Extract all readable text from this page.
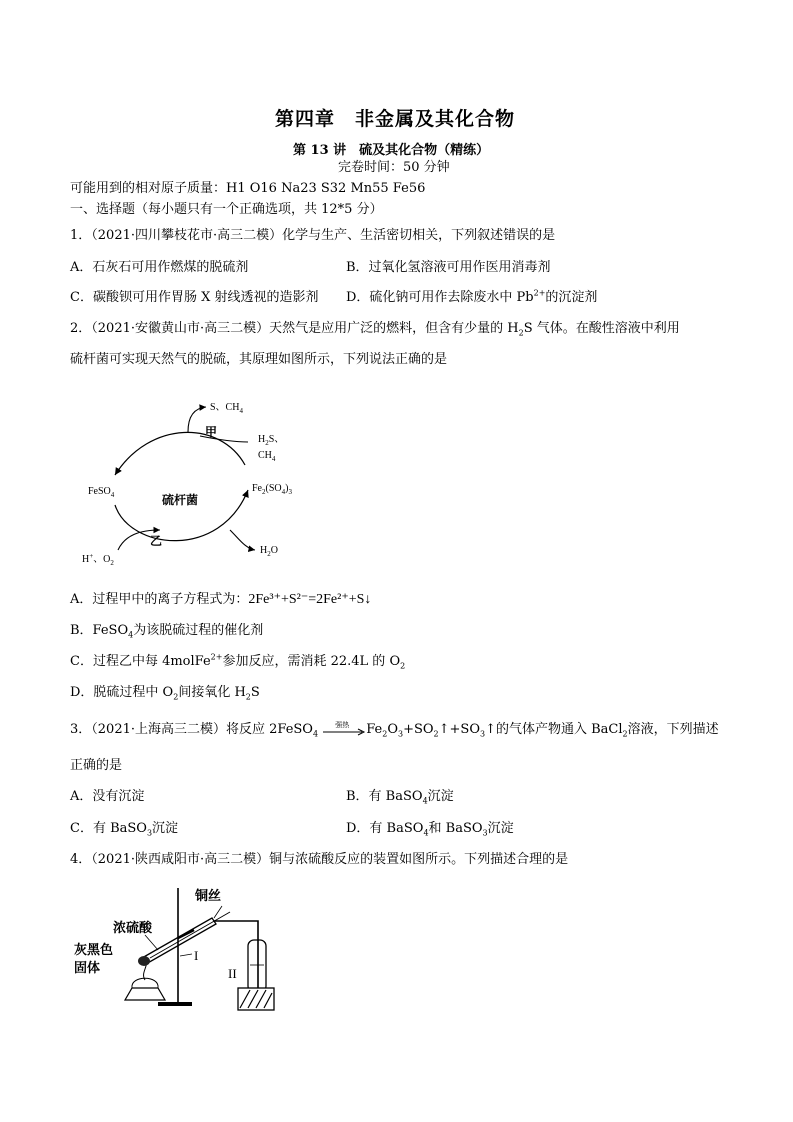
第四章　非金属及其化合物
第 13 讲　硫及其化合物（精练）
完卷时间：50 分钟
可能用到的相对原子质量：H1 O16 Na23 S32 Mn55 Fe56
一、选择题（每小题只有一个正确选项，共 12*5 分）
1．（2021·四川攀枝花市·高三二模）化学与生产、生活密切相关，下列叙述错误的是
A．石灰石可用作燃煤的脱硫剂	B．过氧化氢溶液可用作医用消毒剂
C．碳酸钡可用作胃肠 X 射线透视的造影剂 D．硫化钠可用作去除废水中 $Pb^{2+}$的沉淀剂
2．（2021·安徽黄山市·高三二模）天然气是应用广泛的燃料，但含有少量的 $H_2S$ 气体。在酸性溶液中利用
硫杆菌可实现天然气的脱硫，其原理如图所示，下列说法正确的是
S、$CH_4$
甲
$H_2S$、
$CH_4$
FeSO$_4$
$Fe_2(SO_4)_3$
硫杆菌
乙
H+、$O_2$
$H_2O$
A．过程甲中的离子方程式为：2Fe³⁺+S²⁻=2Fe²⁺+S↓
B．FeSO$_4$为该脱硫过程的催化剂
C．过程乙中每 4molFe$^{2+}$参加反应，需消耗 22.4L 的 $O_2$
D．脱硫过程中 $O_2$间接氧化 $H_2S$
3．（2021·上海高三二模）将反应 2FeSO$_4$
强热 $Fe_2O_3+SO_2↑+SO_3↑$的气体产物通入 BaCl$_2$溶液，下列描述
正确的是
A．没有沉淀	B．有 BaSO$_4$沉淀
C．有 BaSO$_3$沉淀	D．有 BaSO$_4$和 BaSO$_3$沉淀
4．（2021·陕西咸阳市·高三二模）铜与浓硫酸反应的装置如图所示。下列描述合理的是
铜丝
浓硫酸
灰黑色
固体
I
II
